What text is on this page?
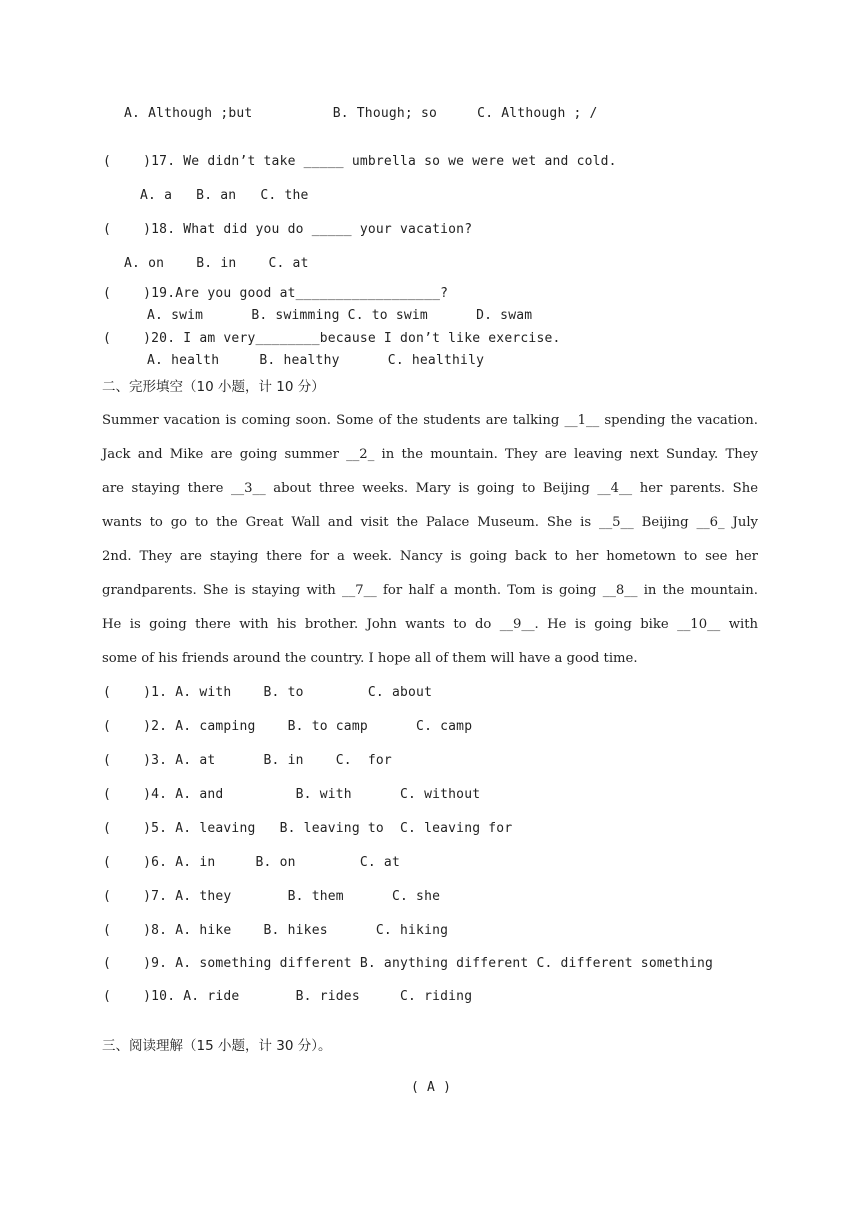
A. Although ;but          B. Though; so     C. Although ; /
(    )17. We didn’t take _____ umbrella so we were wet and cold.
A. a   B. an   C. the
(    )18. What did you do _____ your vacation?
A. on    B. in    C. at
(    )19.Are you good at__________________?
A. swim      B. swimming C. to swim      D. swam
(    )20. I am very________because I don’t like exercise.
A. health     B. healthy      C. healthily
二、完形填空（10 小题，计 10 分）
Summer vacation is coming soon. Some of the students are talking __1__ spending the vacation.
Jack and Mike are going summer __2_ in the mountain. They are leaving next Sunday. They
are staying there __3__ about three weeks. Mary is going to Beijing __4__ her parents. She
wants to go to the Great Wall and visit the Palace Museum. She is __5__ Beijing __6_ July
2nd. They are staying there for a week. Nancy is going back to her hometown to see her
grandparents. She is staying with __7__ for half a month. Tom is going __8__ in the mountain.
He is going there with his brother. John wants to do __9__. He is going bike __10__ with
some of his friends around the country. I hope all of them will have a good time.
(    )1. A. with    B. to        C. about
(    )2. A. camping    B. to camp      C. camp
(    )3. A. at      B. in    C.  for
(    )4. A. and         B. with      C. without
(    )5. A. leaving   B. leaving to  C. leaving for
(    )6. A. in     B. on        C. at
(    )7. A. they       B. them      C. she
(    )8. A. hike    B. hikes      C. hiking
(    )9. A. something different B. anything different C. different something
(    )10. A. ride       B. rides     C. riding
三、阅读理解（15 小题，计 30 分）。
( A )
